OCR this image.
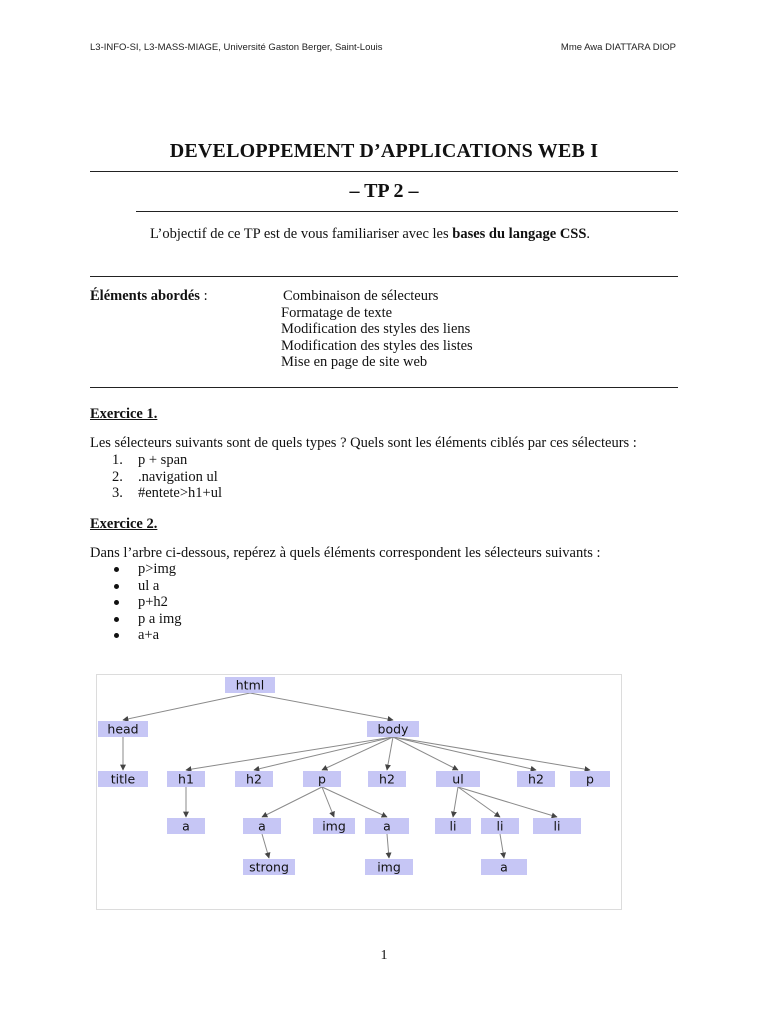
L3-INFO-SI, L3-MASS-MIAGE, Université Gaston Berger, Saint-Louis	Mme Awa DIATTARA DIOP
DEVELOPPEMENT D’APPLICATIONS WEB I
– TP 2 –
L’objectif de ce TP est de vous familiariser avec les bases du langage CSS.
Éléments abordés :	Combinaison de sélecteurs
Formatage de texte
Modification des styles des liens
Modification des styles des listes
Mise en page de site web
Exercice 1.
Les sélecteurs suivants sont de quels types ? Quels sont les éléments ciblés par ces sélecteurs :
1. p + span
2. .navigation ul
3. #entete>h1+ul
Exercice 2.
Dans l’arbre ci-dessous, repérez à quels éléments correspondent les sélecteurs suivants :
p>img
ul a
p+h2
p a img
a+a
html
head	body
title	h1	h2	p	h2	ul	h2	p
a	a	img	a	li	li	li
strong	img	a
1
